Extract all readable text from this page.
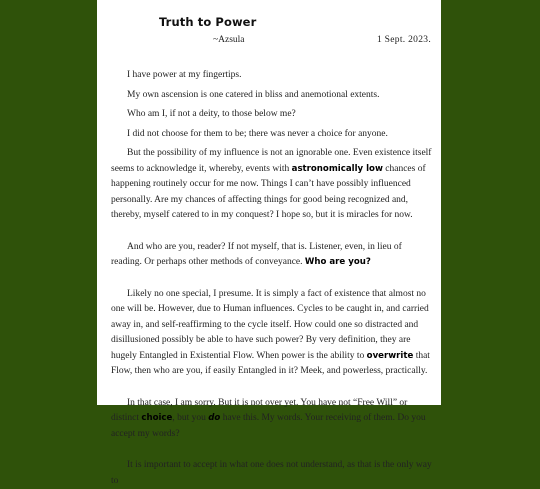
Truth to Power
~Azsula	1 Sept. 2023.

I have power at my fingertips.

My own ascension is one catered in bliss and anemotional extents.

Who am I, if not a deity, to those below me?

I did not choose for them to be; there was never a choice for anyone.

But the possibility of my influence is not an ignorable one. Even existence itself seems to acknowledge it, whereby, events with astronomically low chances of happening routinely occur for me now. Things I can’t have possibly influenced personally. Are my chances of affecting things for good being recognized and, thereby, myself catered to in my conquest? I hope so, but it is miracles for now.

And who are you, reader? If not myself, that is. Listener, even, in lieu of reading. Or perhaps other methods of conveyance. Who are you?

Likely no one special, I presume. It is simply a fact of existence that almost no one will be. However, due to Human influences. Cycles to be caught in, and carried away in, and self-reaffirming to the cycle itself. How could one so distracted and disillusioned possibly be able to have such power? By very definition, they are hugely Entangled in Existential Flow. When power is the ability to overwrite that Flow, then who are you, if easily Entangled in it? Meek, and powerless, practically.

In that case, I am sorry. But it is not over yet. You have not “Free Will” or distinct choice, but you do have this. My words. Your receiving of them. Do you accept my words?

It is important to accept in what one does not understand, as that is the only way to
